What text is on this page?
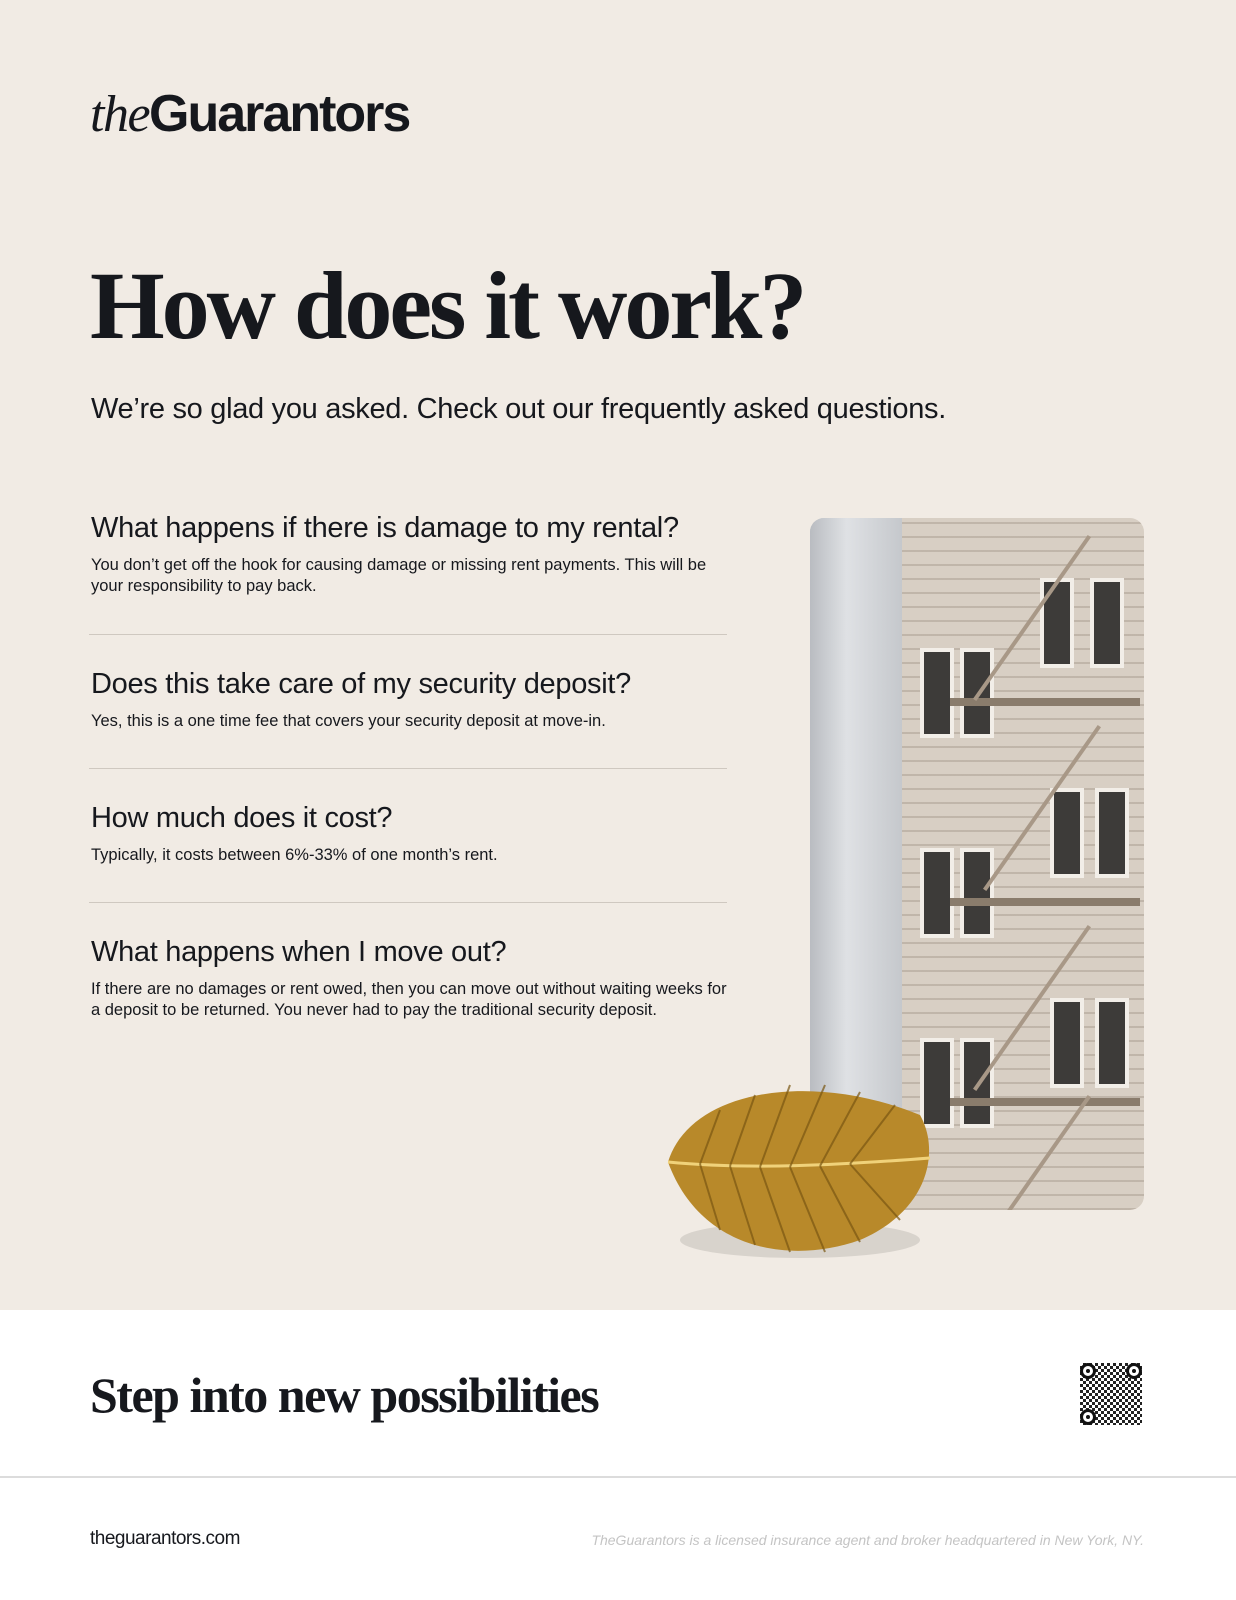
theGuarantors
How does it work?

We’re so glad you asked. Check out our frequently asked questions.

What happens if there is damage to my rental?
You don’t get off the hook for causing damage or missing rent payments. This will be your responsibility to pay back.
Does this take care of my security deposit?
Yes, this is a one time fee that covers your security deposit at move-in.
How much does it cost?
Typically, it costs between 6%-33% of one month’s rent.
What happens when I move out?
If there are no damages or rent owed, then you can move out without waiting weeks for a deposit to be returned. You never had to pay the traditional security deposit.
Step into new possibilities
theguarantors.com	TheGuarantors is a licensed insurance agent and broker headquartered in New York, NY.
